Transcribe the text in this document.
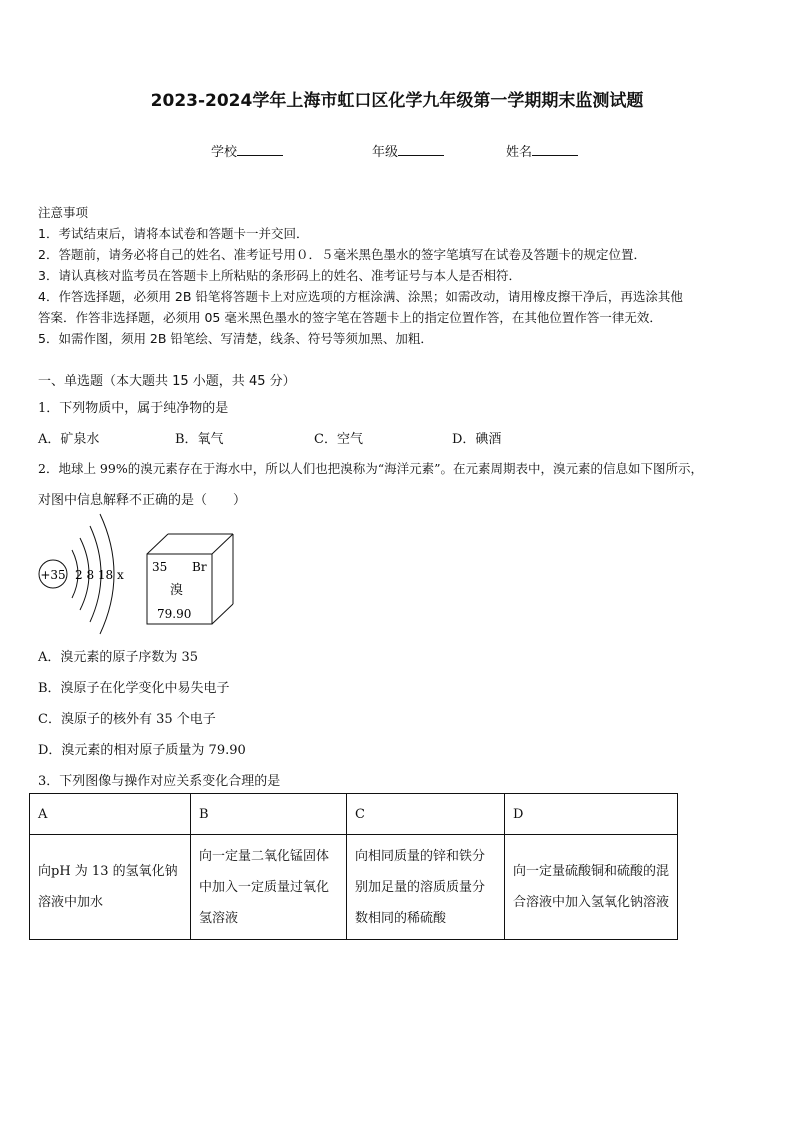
2023-2024学年上海市虹口区化学九年级第一学期期末监测试题
学校	年级	姓名
注意事项
1．考试结束后，请将本试卷和答题卡一并交回．
2．答题前，请务必将自己的姓名、准考证号用０．５毫米黑色墨水的签字笔填写在试卷及答题卡的规定位置．
3．请认真核对监考员在答题卡上所粘贴的条形码上的姓名、准考证号与本人是否相符．
4．作答选择题，必须用 2B 铅笔将答题卡上对应选项的方框涂满、涂黑；如需改动，请用橡皮擦干净后，再选涂其他
答案．作答非选择题，必须用 05 毫米黑色墨水的签字笔在答题卡上的指定位置作答，在其他位置作答一律无效．
5．如需作图，须用 2B 铅笔绘、写清楚，线条、符号等须加黑、加粗．
一、单选题（本大题共 15 小题，共 45 分）
1．下列物质中，属于纯净物的是
A．矿泉水	B．氧气	C．空气	D．碘酒
2．地球上 99%的溴元素存在于海水中，所以人们也把溴称为“海洋元素”。在元素周期表中，溴元素的信息如下图所示，
对图中信息解释不正确的是（　　）
+35 2 8 18 x
35 Br
溴
79.90
A．溴元素的原子序数为 35
B．溴原子在化学变化中易失电子
C．溴原子的核外有 35 个电子
D．溴元素的相对原子质量为 79.90
3．下列图像与操作对应关系变化合理的是
A	B	C	D
向pH 为 13 的氢氧化钠溶液中加水	向一定量二氧化锰固体中加入一定质量过氧化氢溶液	向相同质量的锌和铁分别加足量的溶质质量分数相同的稀硫酸	向一定量硫酸铜和硫酸的混合溶液中加入氢氧化钠溶液
